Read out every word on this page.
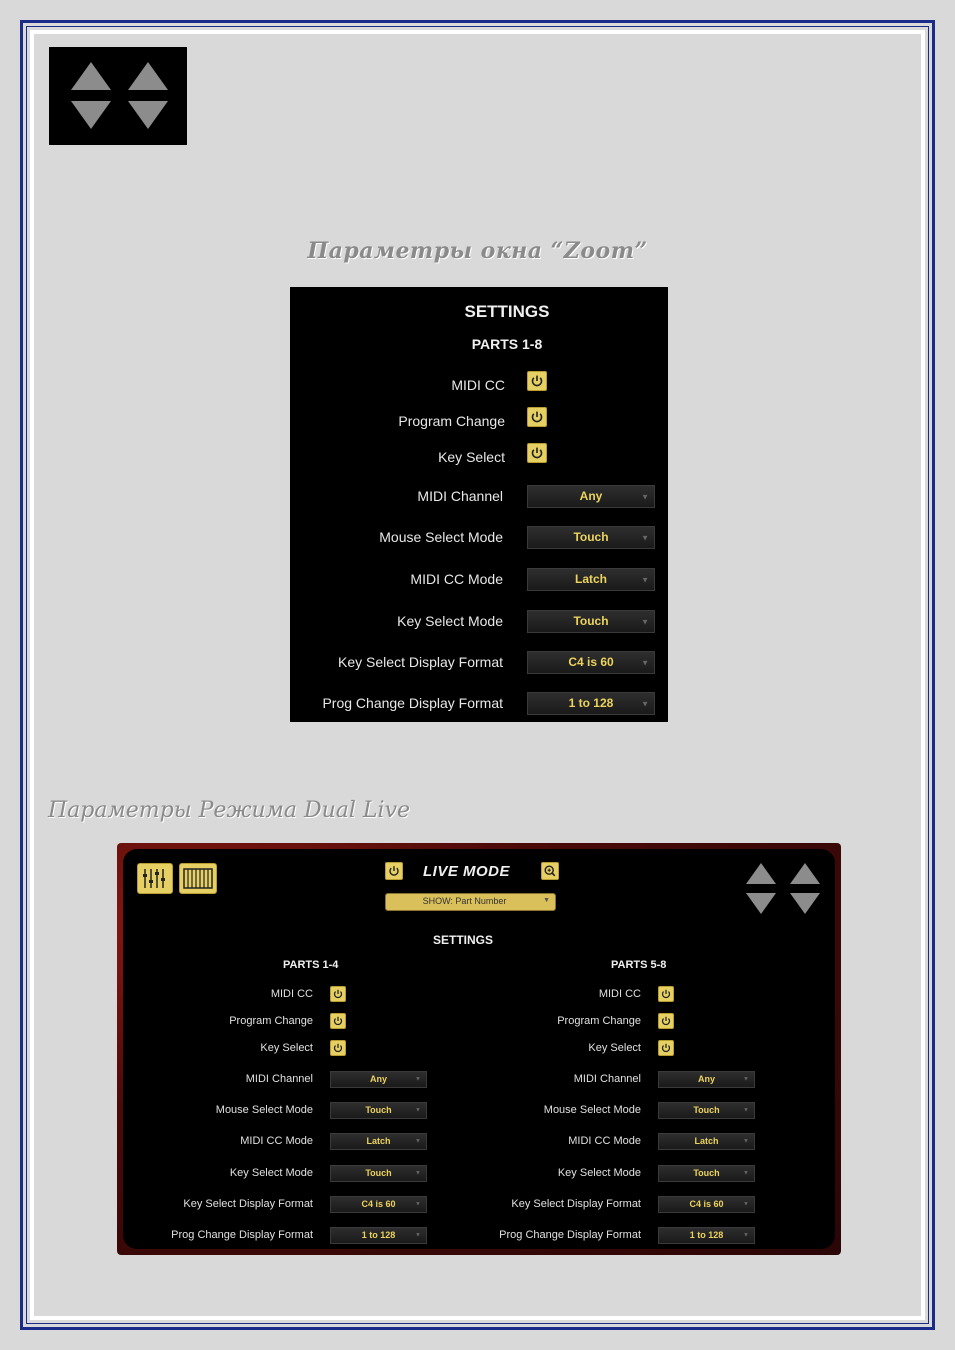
Параметры окна “Zoom”
SETTINGS
PARTS 1-8
MIDI CC
Program Change
Key Select
MIDI Channel	Any	▼
Mouse Select Mode	Touch	▼
MIDI CC Mode	Latch	▼
Key Select Mode	Touch	▼
Key Select Display Format	C4 is 60	▼
Prog Change Display Format	1 to 128	▼
Параметры Режима Dual Live
LIVE MODE
SHOW: Part Number	▼
SETTINGS
PARTS 1-4
MIDI CC
Program Change
Key Select
MIDI Channel	Any	▼
Mouse Select Mode	Touch	▼
MIDI CC Mode	Latch	▼
Key Select Mode	Touch	▼
Key Select Display Format	C4 is 60	▼
Prog Change Display Format	1 to 128	▼
PARTS 5-8
MIDI CC
Program Change
Key Select
MIDI Channel	Any	▼
Mouse Select Mode	Touch	▼
MIDI CC Mode	Latch	▼
Key Select Mode	Touch	▼
Key Select Display Format	C4 is 60	▼
Prog Change Display Format	1 to 128	▼
